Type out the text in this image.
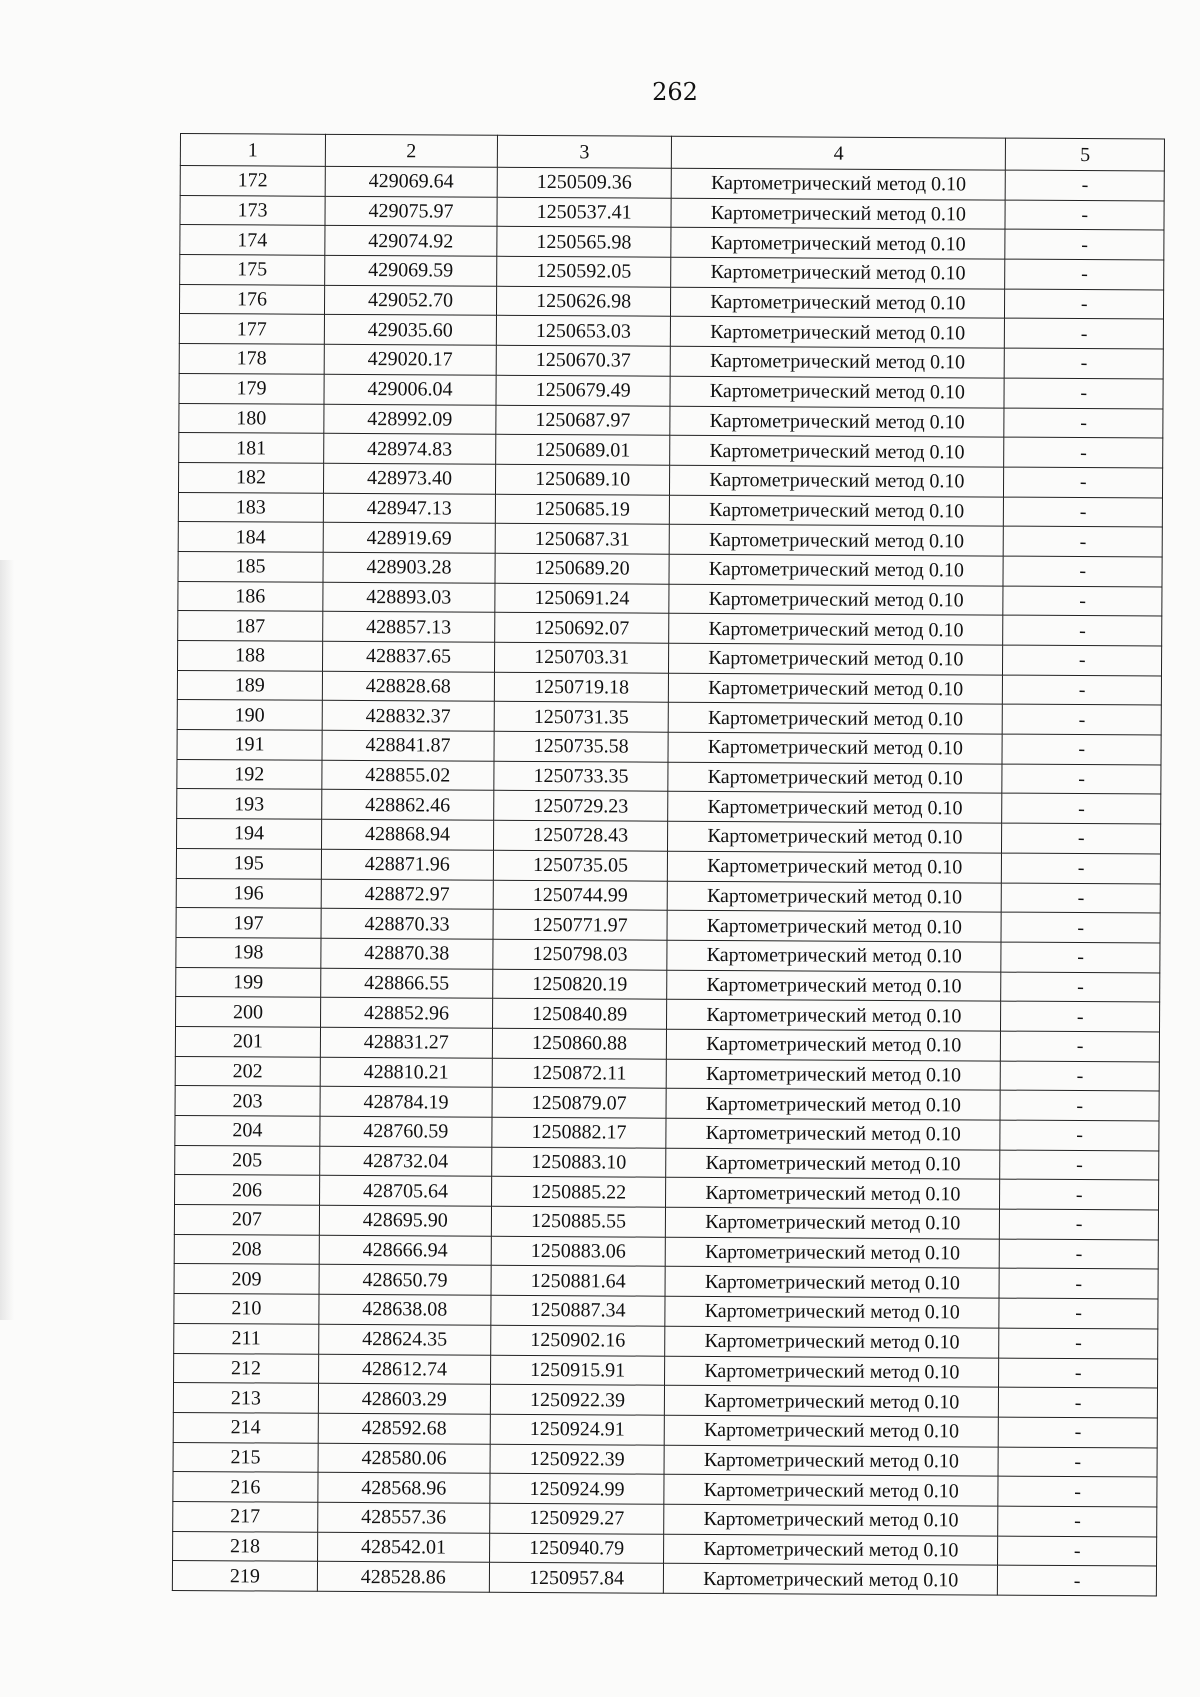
262
1	2	3	4	5
172	429069.64	1250509.36	Картометрический метод 0.10	-
173	429075.97	1250537.41	Картометрический метод 0.10	-
174	429074.92	1250565.98	Картометрический метод 0.10	-
175	429069.59	1250592.05	Картометрический метод 0.10	-
176	429052.70	1250626.98	Картометрический метод 0.10	-
177	429035.60	1250653.03	Картометрический метод 0.10	-
178	429020.17	1250670.37	Картометрический метод 0.10	-
179	429006.04	1250679.49	Картометрический метод 0.10	-
180	428992.09	1250687.97	Картометрический метод 0.10	-
181	428974.83	1250689.01	Картометрический метод 0.10	-
182	428973.40	1250689.10	Картометрический метод 0.10	-
183	428947.13	1250685.19	Картометрический метод 0.10	-
184	428919.69	1250687.31	Картометрический метод 0.10	-
185	428903.28	1250689.20	Картометрический метод 0.10	-
186	428893.03	1250691.24	Картометрический метод 0.10	-
187	428857.13	1250692.07	Картометрический метод 0.10	-
188	428837.65	1250703.31	Картометрический метод 0.10	-
189	428828.68	1250719.18	Картометрический метод 0.10	-
190	428832.37	1250731.35	Картометрический метод 0.10	-
191	428841.87	1250735.58	Картометрический метод 0.10	-
192	428855.02	1250733.35	Картометрический метод 0.10	-
193	428862.46	1250729.23	Картометрический метод 0.10	-
194	428868.94	1250728.43	Картометрический метод 0.10	-
195	428871.96	1250735.05	Картометрический метод 0.10	-
196	428872.97	1250744.99	Картометрический метод 0.10	-
197	428870.33	1250771.97	Картометрический метод 0.10	-
198	428870.38	1250798.03	Картометрический метод 0.10	-
199	428866.55	1250820.19	Картометрический метод 0.10	-
200	428852.96	1250840.89	Картометрический метод 0.10	-
201	428831.27	1250860.88	Картометрический метод 0.10	-
202	428810.21	1250872.11	Картометрический метод 0.10	-
203	428784.19	1250879.07	Картометрический метод 0.10	-
204	428760.59	1250882.17	Картометрический метод 0.10	-
205	428732.04	1250883.10	Картометрический метод 0.10	-
206	428705.64	1250885.22	Картометрический метод 0.10	-
207	428695.90	1250885.55	Картометрический метод 0.10	-
208	428666.94	1250883.06	Картометрический метод 0.10	-
209	428650.79	1250881.64	Картометрический метод 0.10	-
210	428638.08	1250887.34	Картометрический метод 0.10	-
211	428624.35	1250902.16	Картометрический метод 0.10	-
212	428612.74	1250915.91	Картометрический метод 0.10	-
213	428603.29	1250922.39	Картометрический метод 0.10	-
214	428592.68	1250924.91	Картометрический метод 0.10	-
215	428580.06	1250922.39	Картометрический метод 0.10	-
216	428568.96	1250924.99	Картометрический метод 0.10	-
217	428557.36	1250929.27	Картометрический метод 0.10	-
218	428542.01	1250940.79	Картометрический метод 0.10	-
219	428528.86	1250957.84	Картометрический метод 0.10	-
